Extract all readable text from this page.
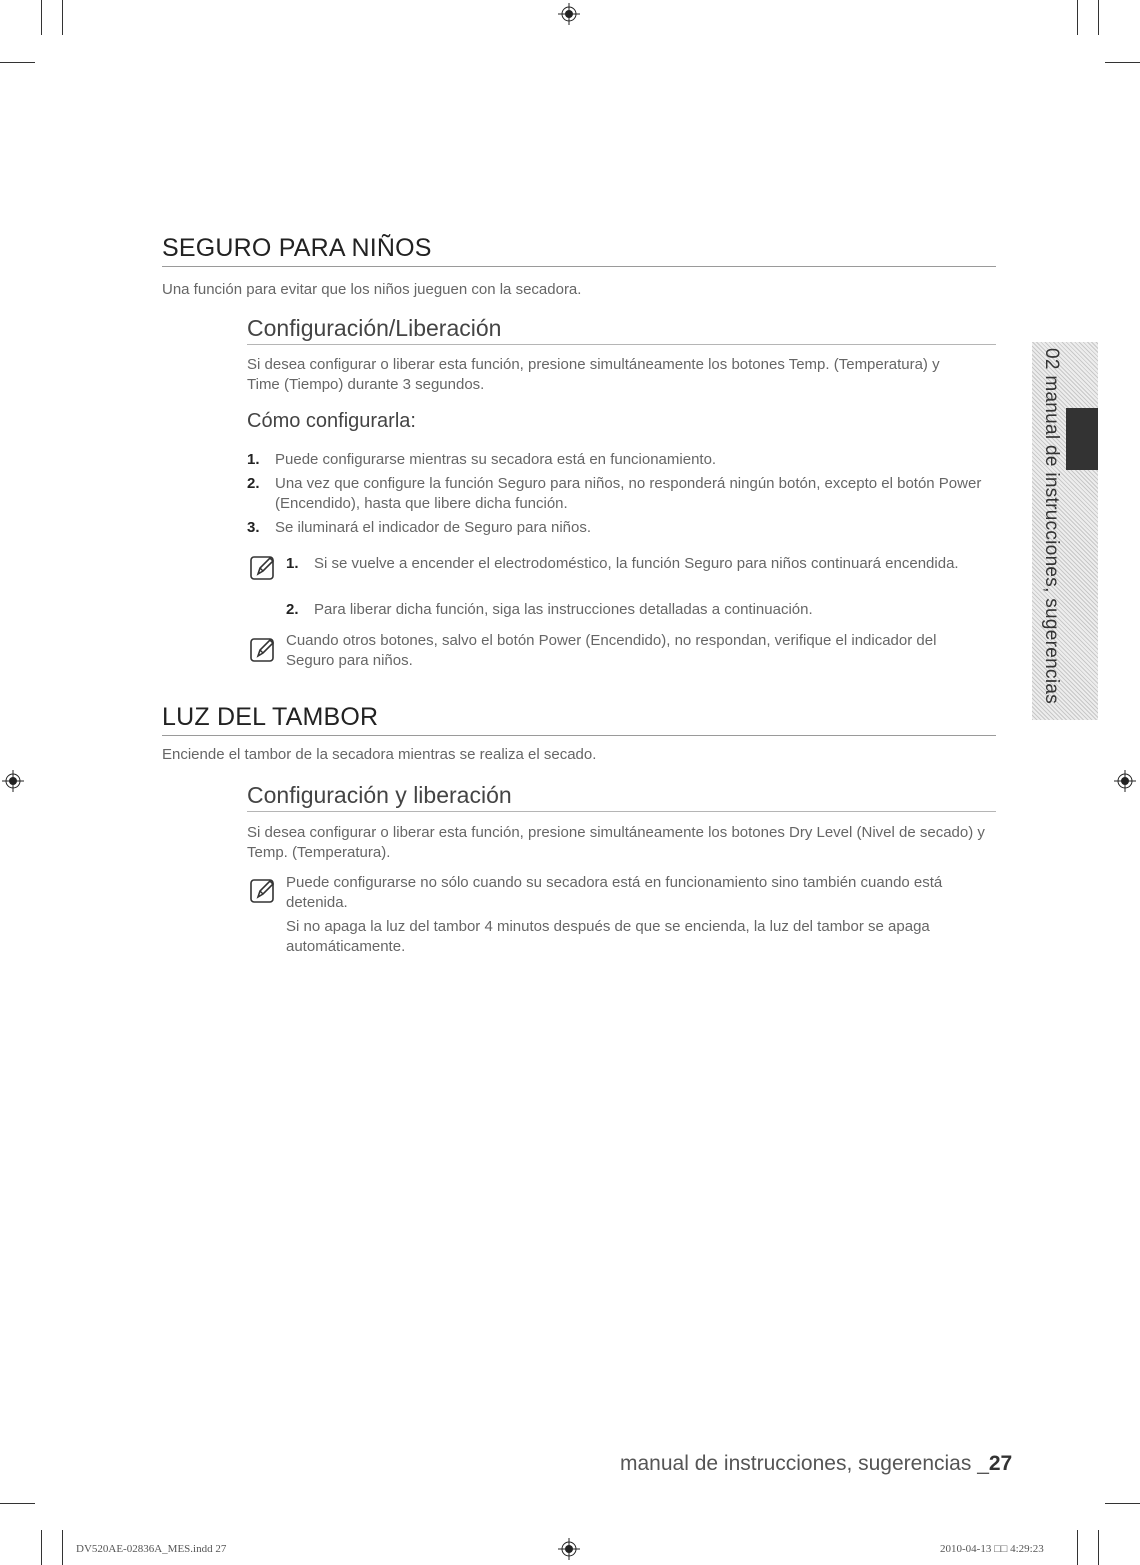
SEGURO PARA NIÑOS
Una función para evitar que los niños jueguen con la secadora.
Configuración/Liberación
Si desea configurar o liberar esta función, presione simultáneamente los botones Temp. (Temperatura) y Time (Tiempo) durante 3 segundos.
Cómo configurarla:
1. Puede configurarse mientras su secadora está en funcionamiento.
2. Una vez que configure la función Seguro para niños, no responderá ningún botón, excepto el botón Power (Encendido), hasta que libere dicha función.
3. Se iluminará el indicador de Seguro para niños.
1. Si se vuelve a encender el electrodoméstico, la función Seguro para niños continuará encendida.
2. Para liberar dicha función, siga las instrucciones detalladas a continuación.
Cuando otros botones, salvo el botón Power (Encendido), no respondan, verifique el indicador del Seguro para niños.
LUZ DEL TAMBOR
Enciende el tambor de la secadora mientras se realiza el secado.
Configuración y liberación
Si desea configurar o liberar esta función, presione simultáneamente los botones Dry Level (Nivel de secado) y Temp. (Temperatura).
Puede configurarse no sólo cuando su secadora está en funcionamiento sino también cuando está detenida.
Si no apaga la luz del tambor 4 minutos después de que se encienda, la luz del tambor se apaga automáticamente.
02 manual de instrucciones, sugerencias
manual de instrucciones, sugerencias _27
DV520AE-02836A_MES.indd 27	2010-04-13 □□ 4:29:23
